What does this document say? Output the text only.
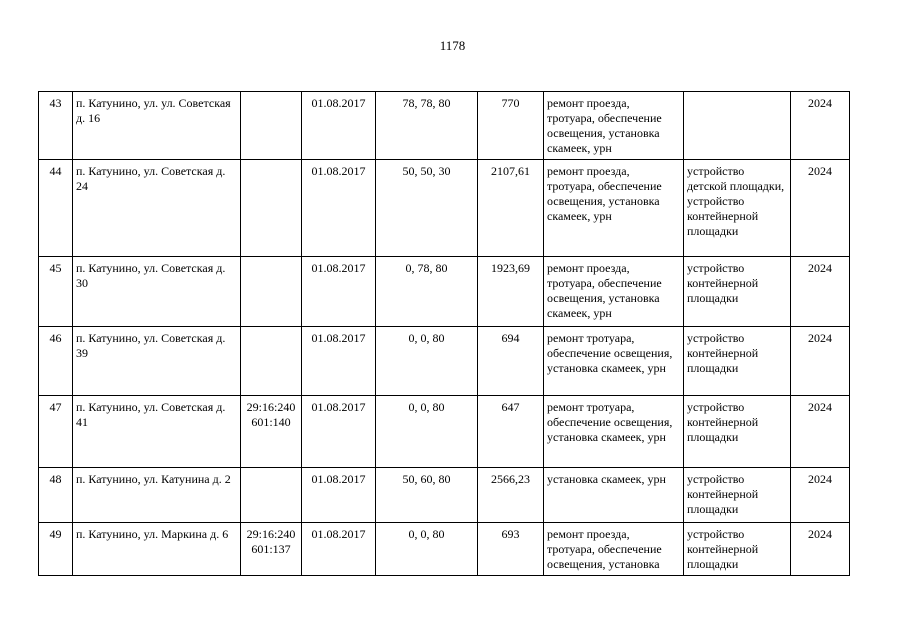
1178
43	п. Катунино, ул. ул. Советская д. 16		01.08.2017	78, 78, 80	770	ремонт проезда, тротуара, обеспечение освещения, установка скамеек, урн		2024
44	п. Катунино, ул. Советская д. 24		01.08.2017	50, 50, 30	2107,61	ремонт проезда, тротуара, обеспечение освещения, установка скамеек, урн	устройство детской площадки, устройство контейнерной площадки	2024
45	п. Катунино, ул. Советская д. 30		01.08.2017	0, 78, 80	1923,69	ремонт проезда, тротуара, обеспечение освещения, установка скамеек, урн	устройство контейнерной площадки	2024
46	п. Катунино, ул. Советская д. 39		01.08.2017	0, 0, 80	694	ремонт тротуара, обеспечение освещения, установка скамеек, урн	устройство контейнерной площадки	2024
47	п. Катунино, ул. Советская д. 41	29:16:240 601:140	01.08.2017	0, 0, 80	647	ремонт тротуара, обеспечение освещения, установка скамеек, урн	устройство контейнерной площадки	2024
48	п. Катунино, ул. Катунина д. 2		01.08.2017	50, 60, 80	2566,23	установка скамеек, урн	устройство контейнерной площадки	2024
49	п. Катунино, ул. Маркина д. 6	29:16:240 601:137	01.08.2017	0, 0, 80	693	ремонт проезда, тротуара, обеспечение освещения, установка	устройство контейнерной площадки	2024
